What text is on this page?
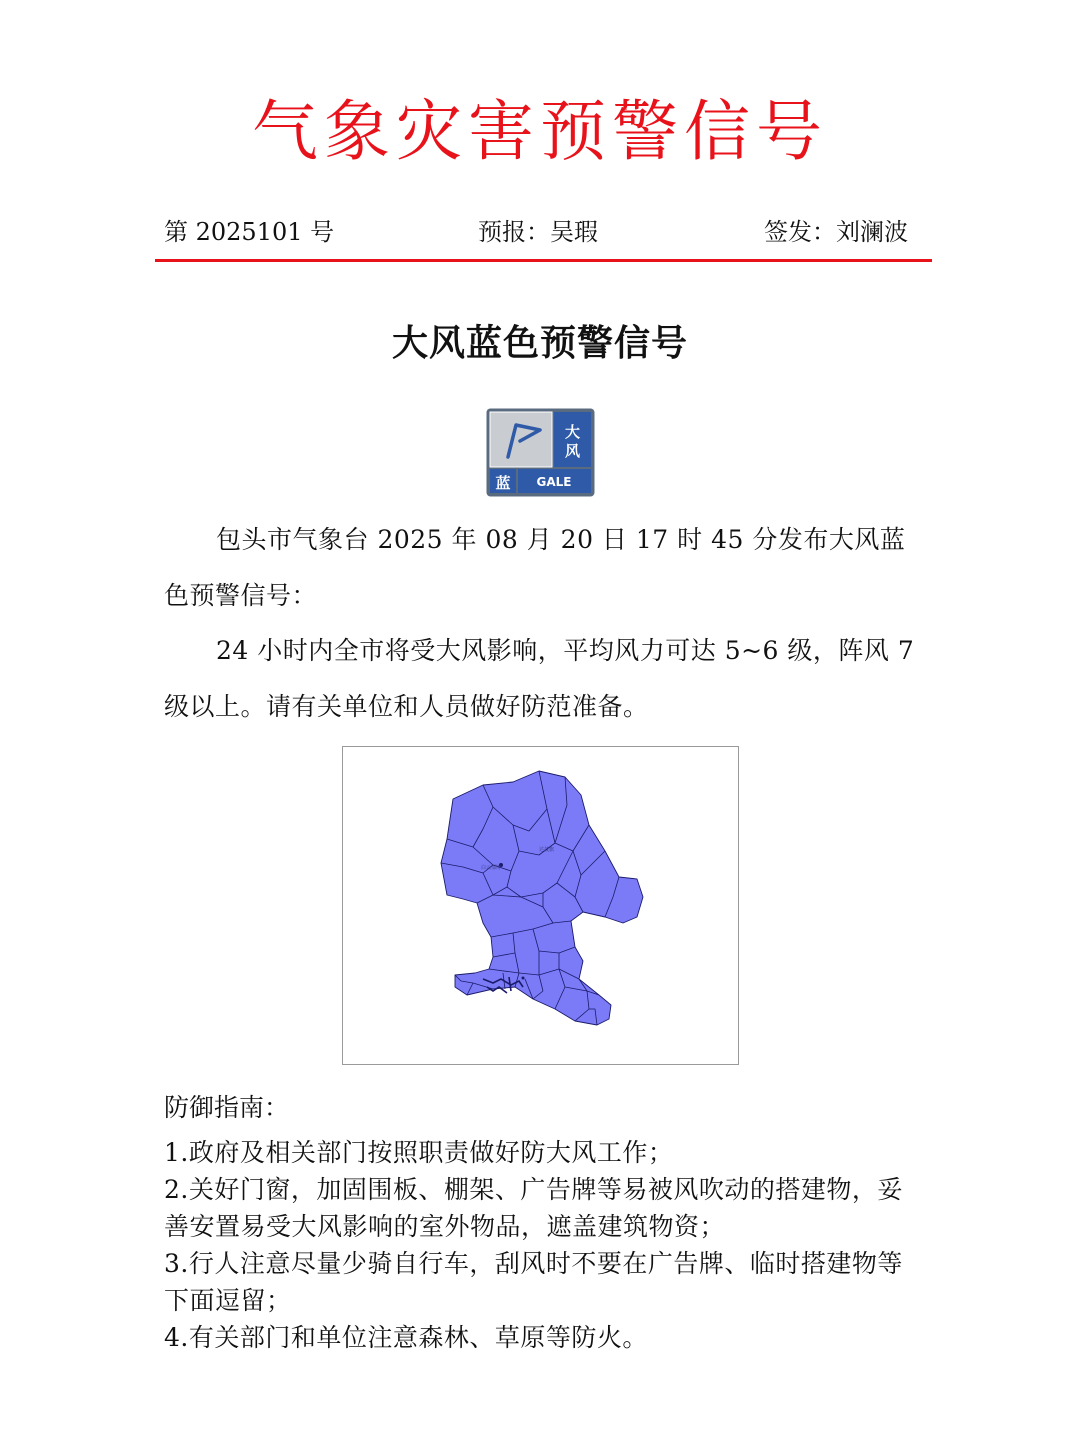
气象灾害预警信号
第 2025101 号	预报：吴瑕	签发：刘澜波
大风蓝色预警信号
大
风
蓝 GALE
包头市气象台 2025 年 08 月 20 日 17 时 45 分发布大风蓝色预警信号：
24 小时内全市将受大风影响，平均风力可达 5~6 级，阵风 7 级以上。请有关单位和人员做好防范准备。
达茂旗
白云鄂博
防御指南：
1.政府及相关部门按照职责做好防大风工作；
2.关好门窗，加固围板、棚架、广告牌等易被风吹动的搭建物，妥善安置易受大风影响的室外物品，遮盖建筑物资；
3.行人注意尽量少骑自行车，刮风时不要在广告牌、临时搭建物等下面逗留；
4.有关部门和单位注意森林、草原等防火。
